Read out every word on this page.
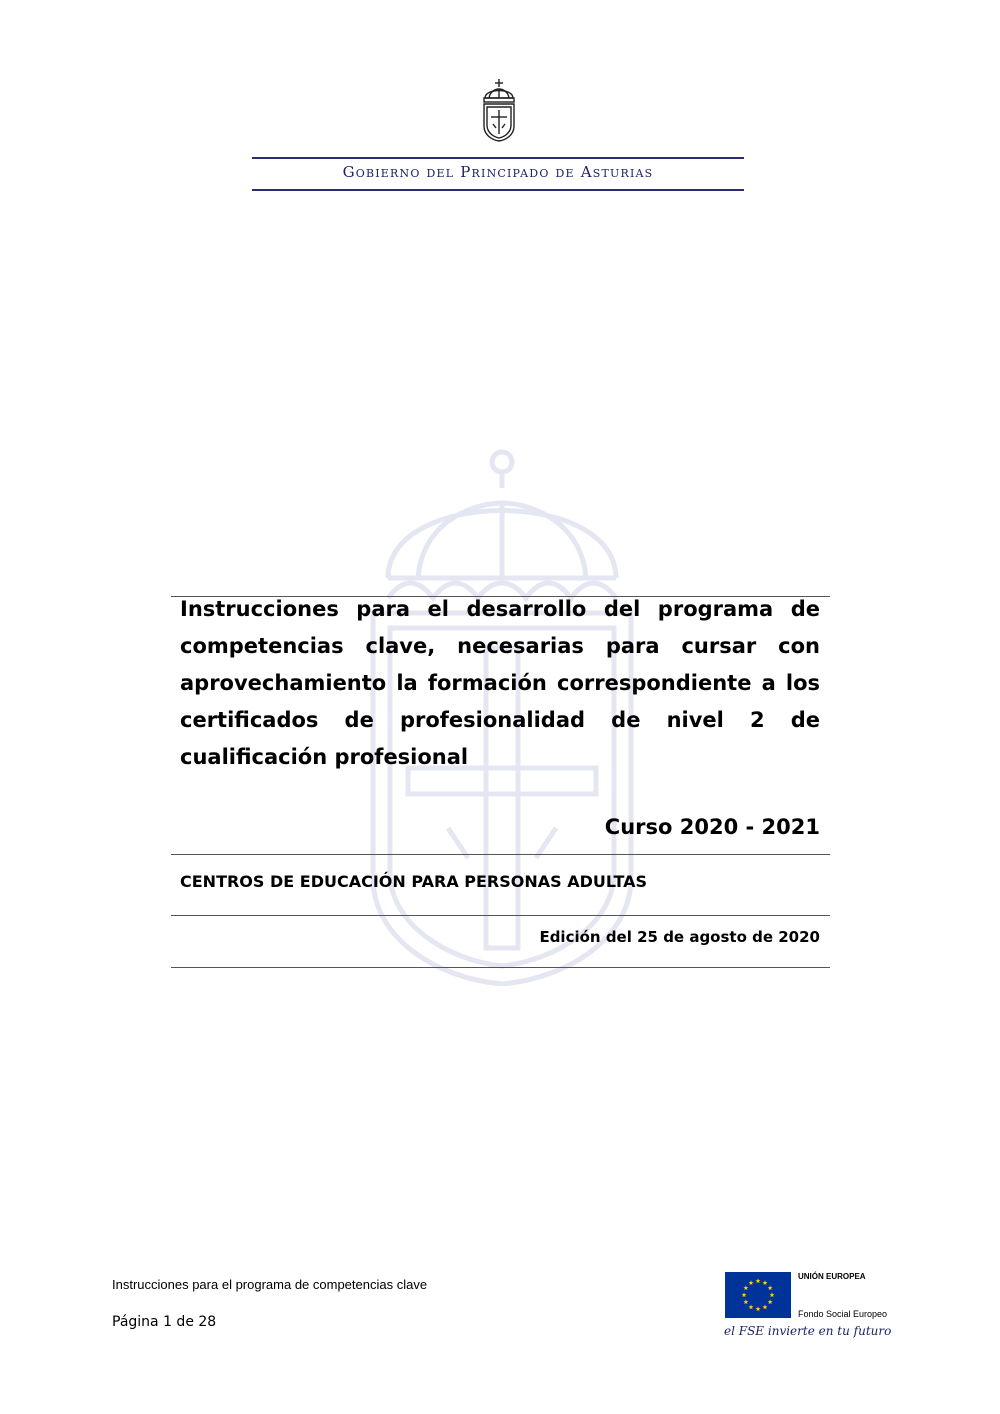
Gobierno del Principado de Asturias

Instrucciones para el desarrollo del programa de competencias clave, necesarias para cursar con aprovechamiento la formación correspondiente a los certificados de profesionalidad de nivel 2 de cualificación profesional

Curso 2020 - 2021
CENTROS DE EDUCACIÓN PARA PERSONAS ADULTAS
Edición del 25 de agosto de 2020
Instrucciones para el programa de competencias clave
Página 1 de 28
UNIÓN EUROPEA
Fondo Social Europeo
el FSE invierte en tu futuro
